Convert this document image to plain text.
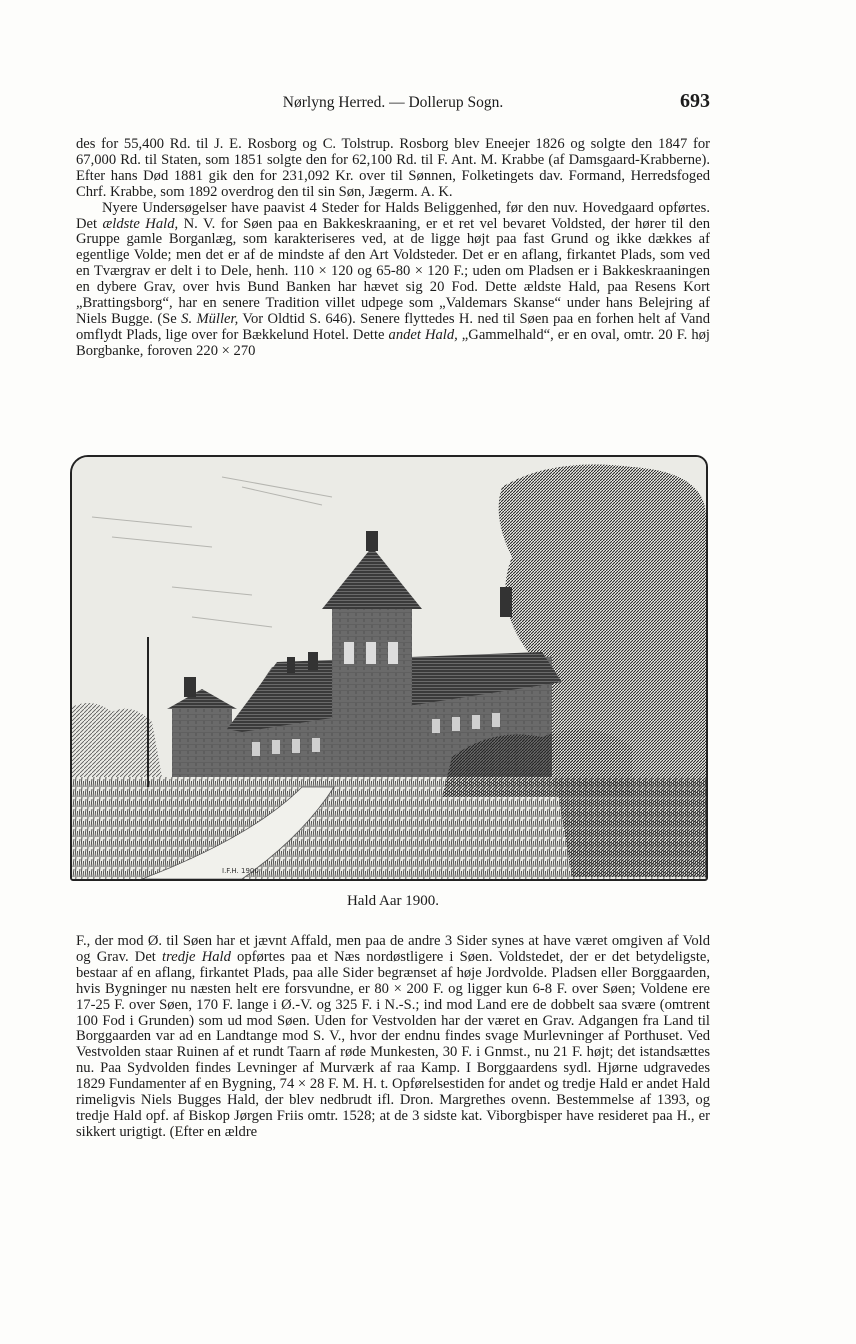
Nørlyng Herred. — Dollerup Sogn.	693

des for 55,400 Rd. til J. E. Rosborg og C. Tolstrup. Rosborg blev Eneejer 1826 og solgte den 1847 for 67,000 Rd. til Staten, som 1851 solgte den for 62,100 Rd. til F. Ant. M. Krabbe (af Damsgaard-Krabberne). Efter hans Død 1881 gik den for 231,092 Kr. over til Sønnen, Folketingets dav. Formand, Herredsfoged Chrf. Krabbe, som 1892 overdrog den til sin Søn, Jægerm. A. K.

Nyere Undersøgelser have paavist 4 Steder for Halds Beliggenhed, før den nuv. Hovedgaard opførtes. Det ældste Hald, N. V. for Søen paa en Bakkeskraaning, er et ret vel bevaret Voldsted, der hører til den Gruppe gamle Borganlæg, som karakteriseres ved, at de ligge højt paa fast Grund og ikke dækkes af egentlige Volde; men det er af de mindste af den Art Voldsteder. Det er en aflang, firkantet Plads, som ved en Tværgrav er delt i to Dele, henh. 110 × 120 og 65-80 × 120 F.; uden om Pladsen er i Bakkeskraaningen en dybere Grav, over hvis Bund Banken har hævet sig 20 Fod. Dette ældste Hald, paa Resens Kort „Brattingsborg“, har en senere Tradition villet udpege som „Valdemars Skanse“ under hans Belejring af Niels Bugge. (Se S. Müller, Vor Oldtid S. 646). Senere flyttedes H. ned til Søen paa en forhen helt af Vand omflydt Plads, lige over for Bækkelund Hotel. Dette andet Hald, „Gammelhald“, er en oval, omtr. 20 F. høj Borgbanke, foroven 220 × 270

I.F.H. 1900
Hald Aar 1900.

F., der mod Ø. til Søen har et jævnt Affald, men paa de andre 3 Sider synes at have været omgiven af Vold og Grav. Det tredje Hald opførtes paa et Næs nordøstligere i Søen. Voldstedet, der er det betydeligste, bestaar af en aflang, firkantet Plads, paa alle Sider begrænset af høje Jordvolde. Pladsen eller Borggaarden, hvis Bygninger nu næsten helt ere forsvundne, er 80 × 200 F. og ligger kun 6-8 F. over Søen; Voldene ere 17-25 F. over Søen, 170 F. lange i Ø.-V. og 325 F. i N.-S.; ind mod Land ere de dobbelt saa svære (omtrent 100 Fod i Grunden) som ud mod Søen. Uden for Vestvolden har der været en Grav. Adgangen fra Land til Borggaarden var ad en Landtange mod S. V., hvor der endnu findes svage Murlevninger af Porthuset. Ved Vestvolden staar Ruinen af et rundt Taarn af røde Munkesten, 30 F. i Gnmst., nu 21 F. højt; det istandsættes nu. Paa Sydvolden findes Levninger af Murværk af raa Kamp. I Borggaardens sydl. Hjørne udgravedes 1829 Fundamenter af en Bygning, 74 × 28 F. M. H. t. Opførelsestiden for andet og tredje Hald er andet Hald rimeligvis Niels Bugges Hald, der blev nedbrudt ifl. Dron. Margrethes ovenn. Bestemmelse af 1393, og tredje Hald opf. af Biskop Jørgen Friis omtr. 1528; at de 3 sidste kat. Viborgbisper have resideret paa H., er sikkert urigtigt. (Efter en ældre
